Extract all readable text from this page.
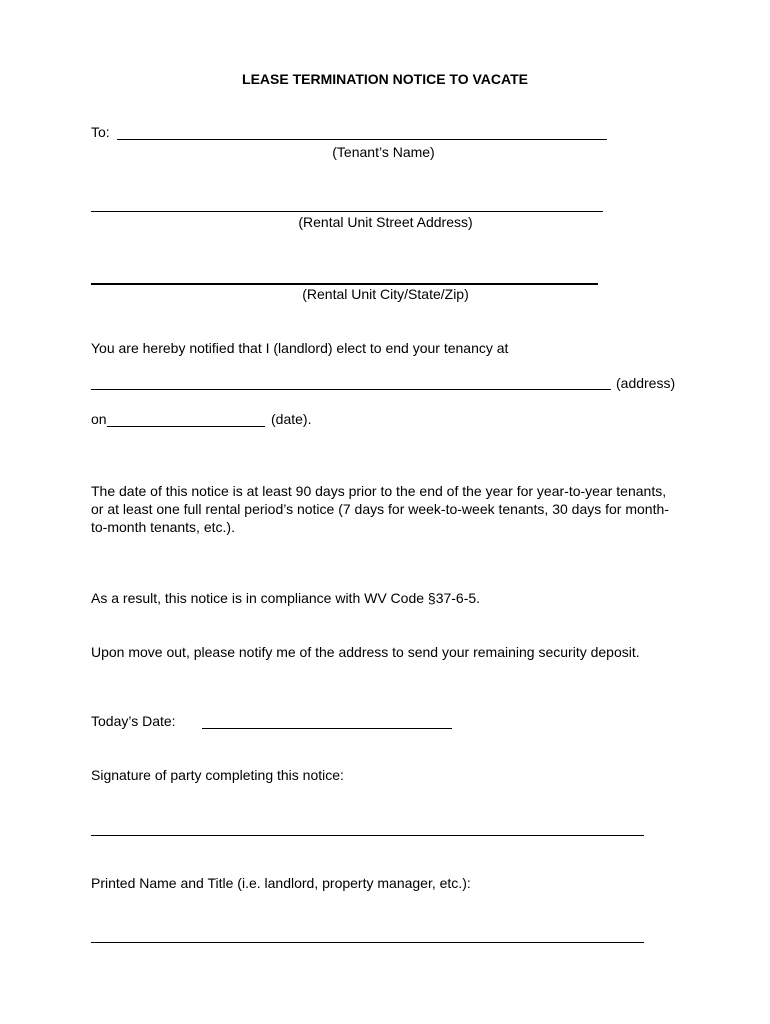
LEASE TERMINATION NOTICE TO VACATE
To:
(Tenant’s Name)
(Rental Unit Street Address)
(Rental Unit City/State/Zip)
You are hereby notified that I (landlord) elect to end your tenancy at
(address)
on	(date).
The date of this notice is at least 90 days prior to the end of the year for year-to-year tenants, or at least one full rental period’s notice (7 days for week-to-week tenants, 30 days for month-to-month tenants, etc.).
As a result, this notice is in compliance with WV Code §37-6-5.
Upon move out, please notify me of the address to send your remaining security deposit.
Today’s Date:
Signature of party completing this notice:
Printed Name and Title (i.e. landlord, property manager, etc.):
